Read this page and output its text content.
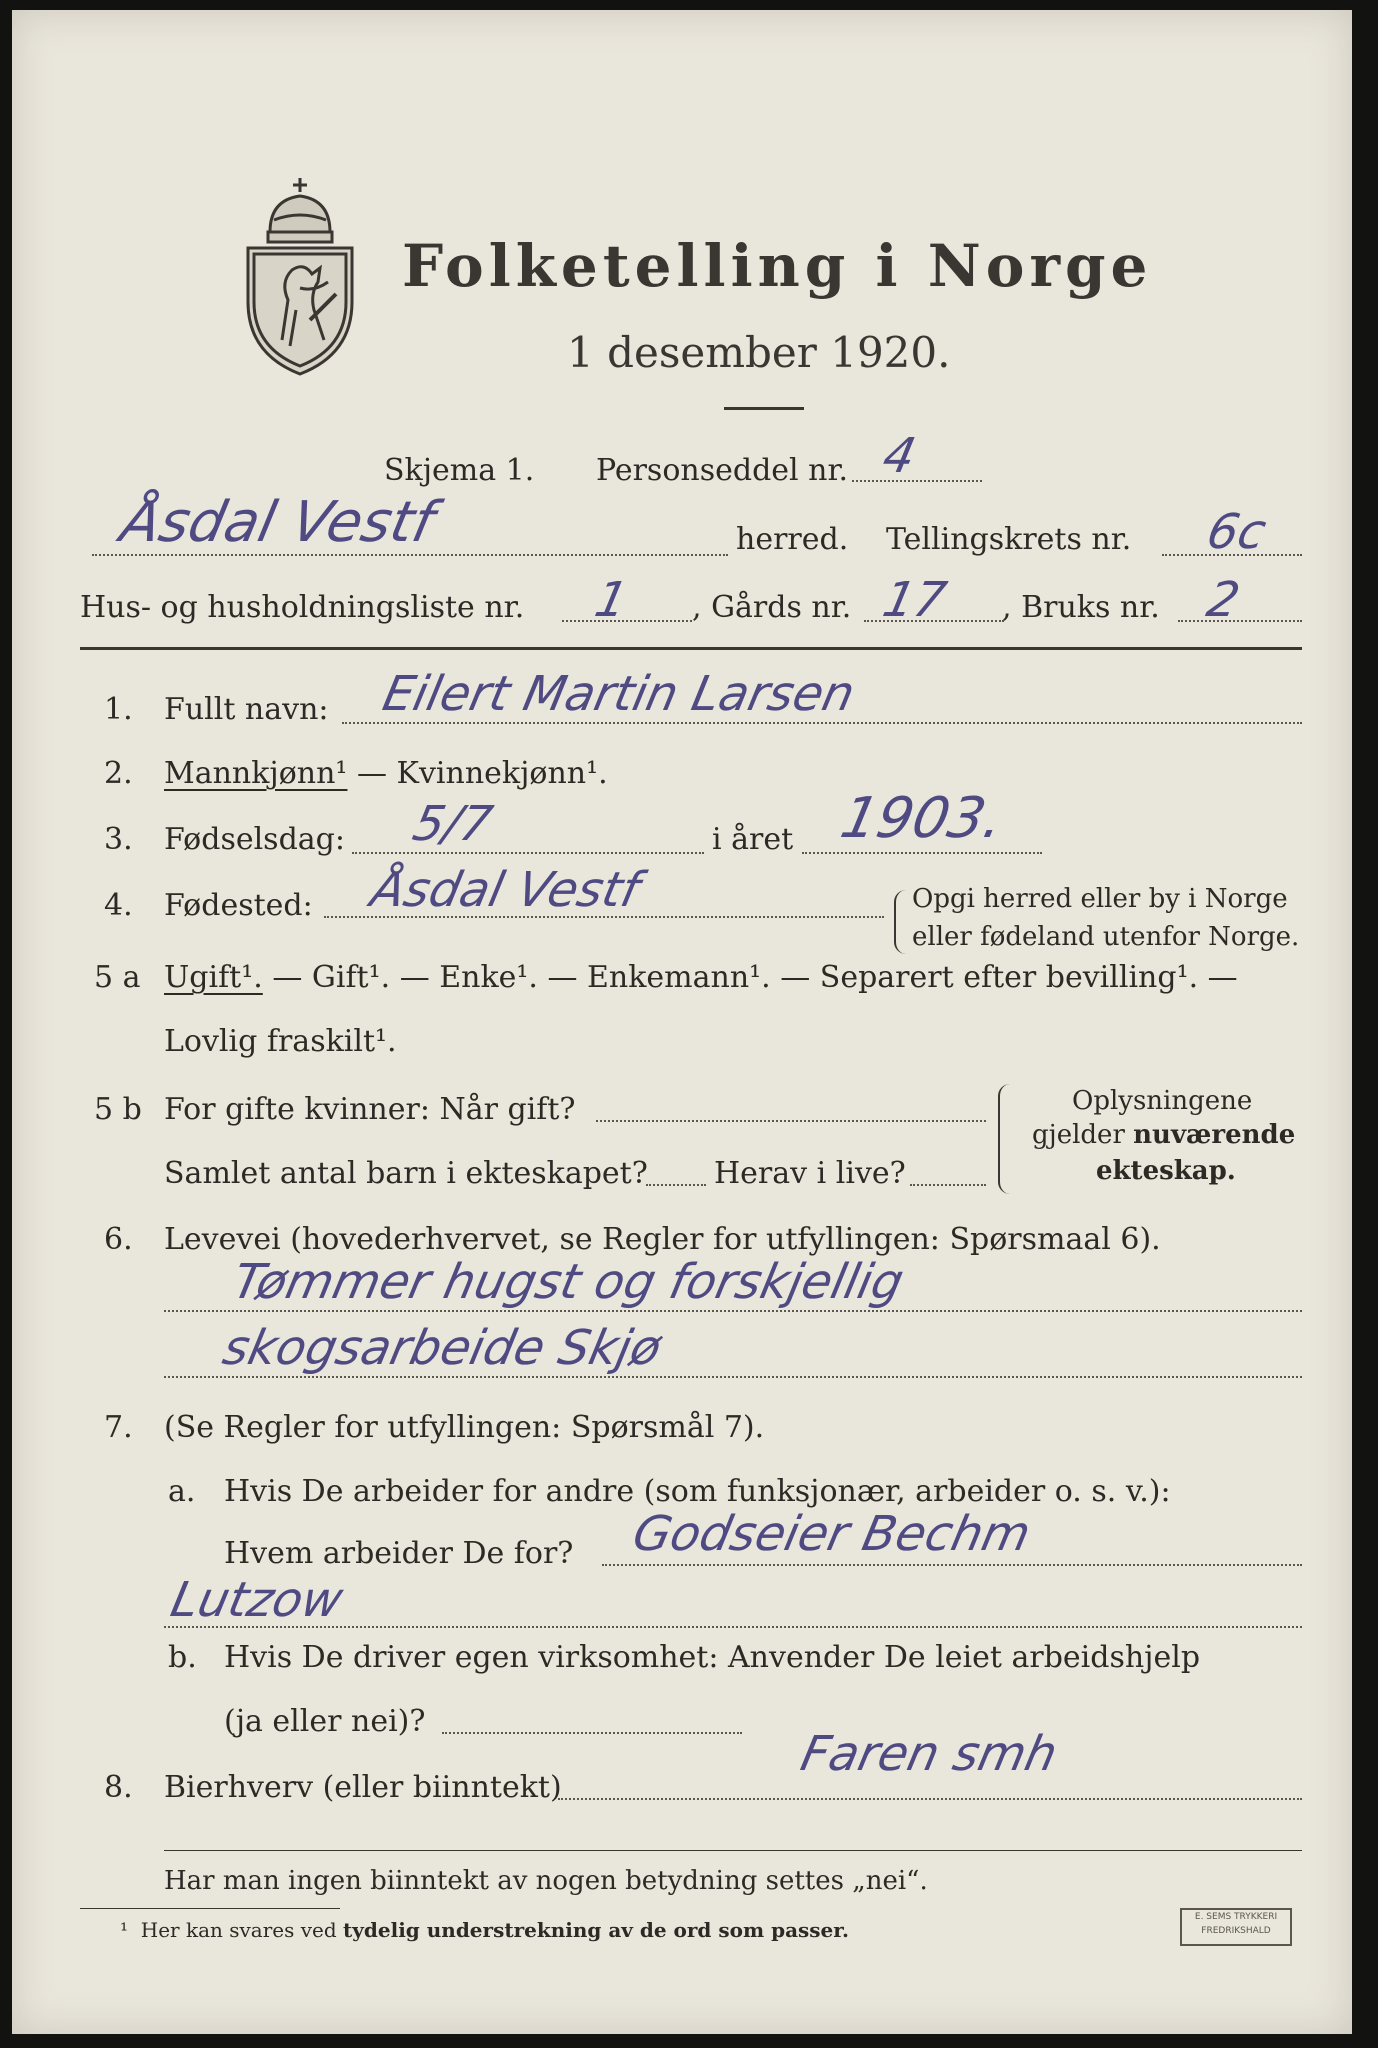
Folketelling i Norge
1 desember 1920.
Skjema 1. Personseddel nr. 4
Åsdal Vestf	herred. Tellingskrets nr. 6c
Hus- og husholdningsliste nr. 1 , Gårds nr. 17 , Bruks nr. 2
1. Fullt navn: Eilert Martin Larsen
2. Mannkjønn¹ — Kvinnekjønn¹.
3. Fødselsdag: 5/7	i året 1903.
4. Fødested: Åsdal Vestf	Opgi herred eller by i Norge
eller fødeland utenfor Norge.
5 a Ugift¹. — Gift¹. — Enke¹. — Enkemann¹. — Separert efter bevilling¹. —
Lovlig fraskilt¹.
5 b For gifte kvinner: Når gift?
Samlet antal barn i ekteskapet? Herav i live?
Oplysningene
gjelder nuværende
ekteskap.
6. Levevei (hovederhvervet, se Regler for utfyllingen: Spørsmaal 6).
Tømmer hugst og forskjellig
skogsarbeide Skjø
7. (Se Regler for utfyllingen: Spørsmål 7).
a. Hvis De arbeider for andre (som funksjonær, arbeider o. s. v.):
Hvem arbeider De for? Godseier Bechm
Lutzow
b. Hvis De driver egen virksomhet: Anvender De leiet arbeidshjelp
(ja eller nei)?
8. Bierhverv (eller biinntekt)
Faren smh
Har man ingen biinntekt av nogen betydning settes „nei“.
¹ Her kan svares ved tydelig understrekning av de ord som passer.
E. SEMS TRYKKERI FREDRIKSHALD
